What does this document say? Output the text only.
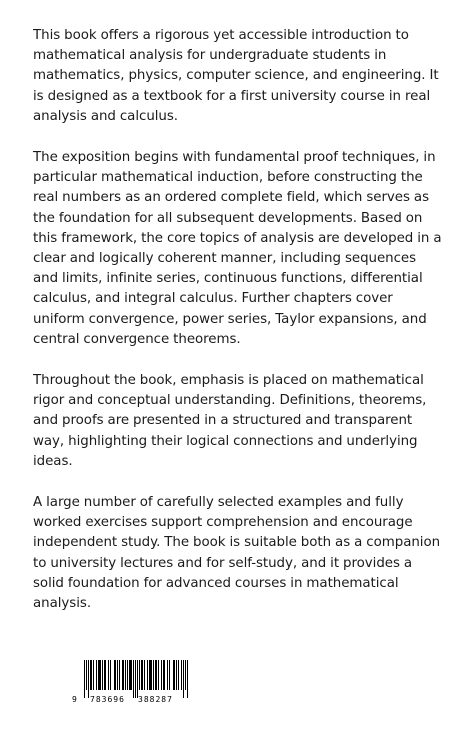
This book offers a rigorous yet accessible introduction to mathematical analysis for undergraduate students in mathematics, physics, computer science, and engineering. It is designed as a textbook for a first university course in real analysis and calculus.

The exposition begins with fundamental proof techniques, in particular mathematical induction, before constructing the real numbers as an ordered complete field, which serves as the foundation for all subsequent developments. Based on this framework, the core topics of analysis are developed in a clear and logically coherent manner, including sequences and limits, infinite series, continuous functions, differential calculus, and integral calculus. Further chapters cover uniform convergence, power series, Taylor expansions, and central convergence theorems.

Throughout the book, emphasis is placed on mathematical rigor and conceptual understanding. Definitions, theorems, and proofs are presented in a structured and transparent way, highlighting their logical connections and underlying ideas.

A large number of carefully selected examples and fully worked exercises support comprehension and encourage independent study. The book is suitable both as a companion to university lectures and for self-study, and it provides a solid foundation for advanced courses in mathematical analysis.

9 783696 388287
